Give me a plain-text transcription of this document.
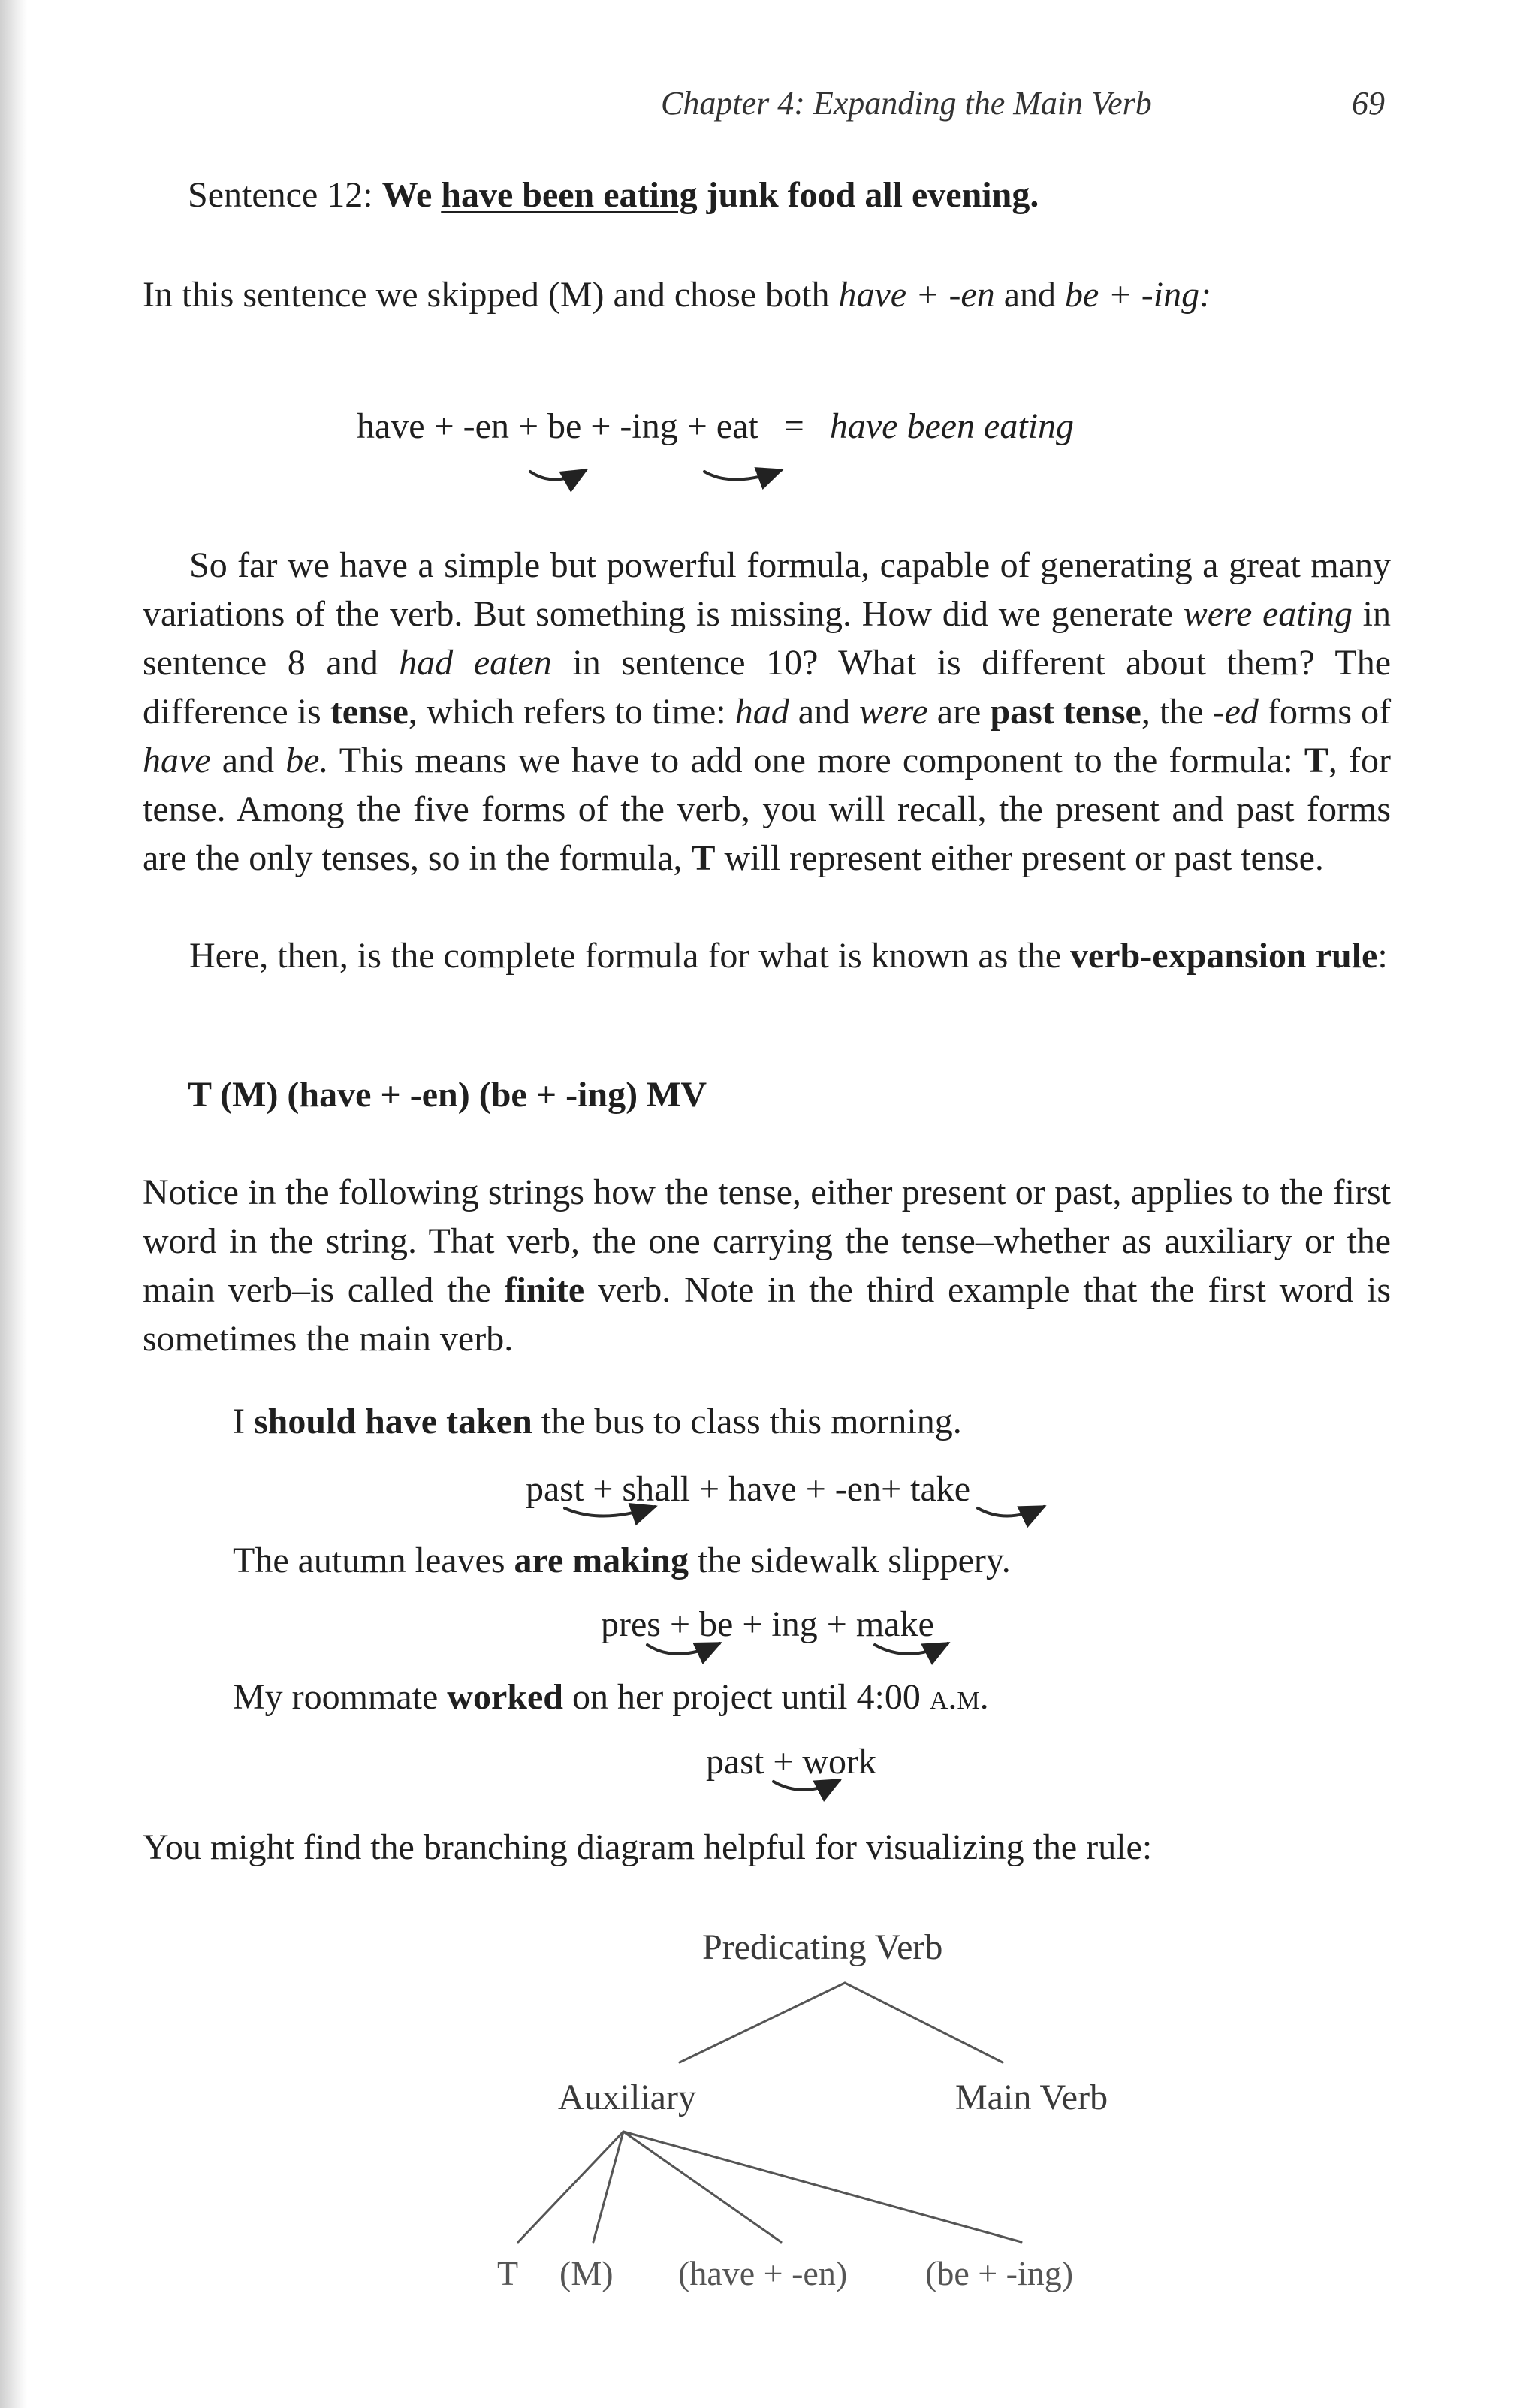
Chapter 4: Expanding the Main Verb	69
Sentence 12: We have been eating junk food all evening.
In this sentence we skipped (M) and chose both have + -en and be + -ing:
have + -en + be + -ing + eat = have been eating
So far we have a simple but powerful formula, capable of generating a great many variations of the verb. But something is missing. How did we generate were eating in sentence 8 and had eaten in sentence 10? What is different about them? The difference is tense, which refers to time: had and were are past tense, the -ed forms of have and be. This means we have to add one more component to the formula: T, for tense. Among the five forms of the verb, you will recall, the present and past forms are the only tenses, so in the formula, T will represent either present or past tense.
Here, then, is the complete formula for what is known as the verb-expansion rule:
T (M) (have + -en) (be + -ing) MV
Notice in the following strings how the tense, either present or past, applies to the first word in the string. That verb, the one carrying the tense–whether as auxiliary or the main verb–is called the finite verb. Note in the third example that the first word is sometimes the main verb.
I should have taken the bus to class this morning.
past + shall + have + -en+ take
The autumn leaves are making the sidewalk slippery.
pres + be + ing + make
My roommate worked on her project until 4:00 a.m.
past + work
You might find the branching diagram helpful for visualizing the rule:
Predicating Verb
Auxiliary	Main Verb
T (M) (have + -en) (be + -ing)
